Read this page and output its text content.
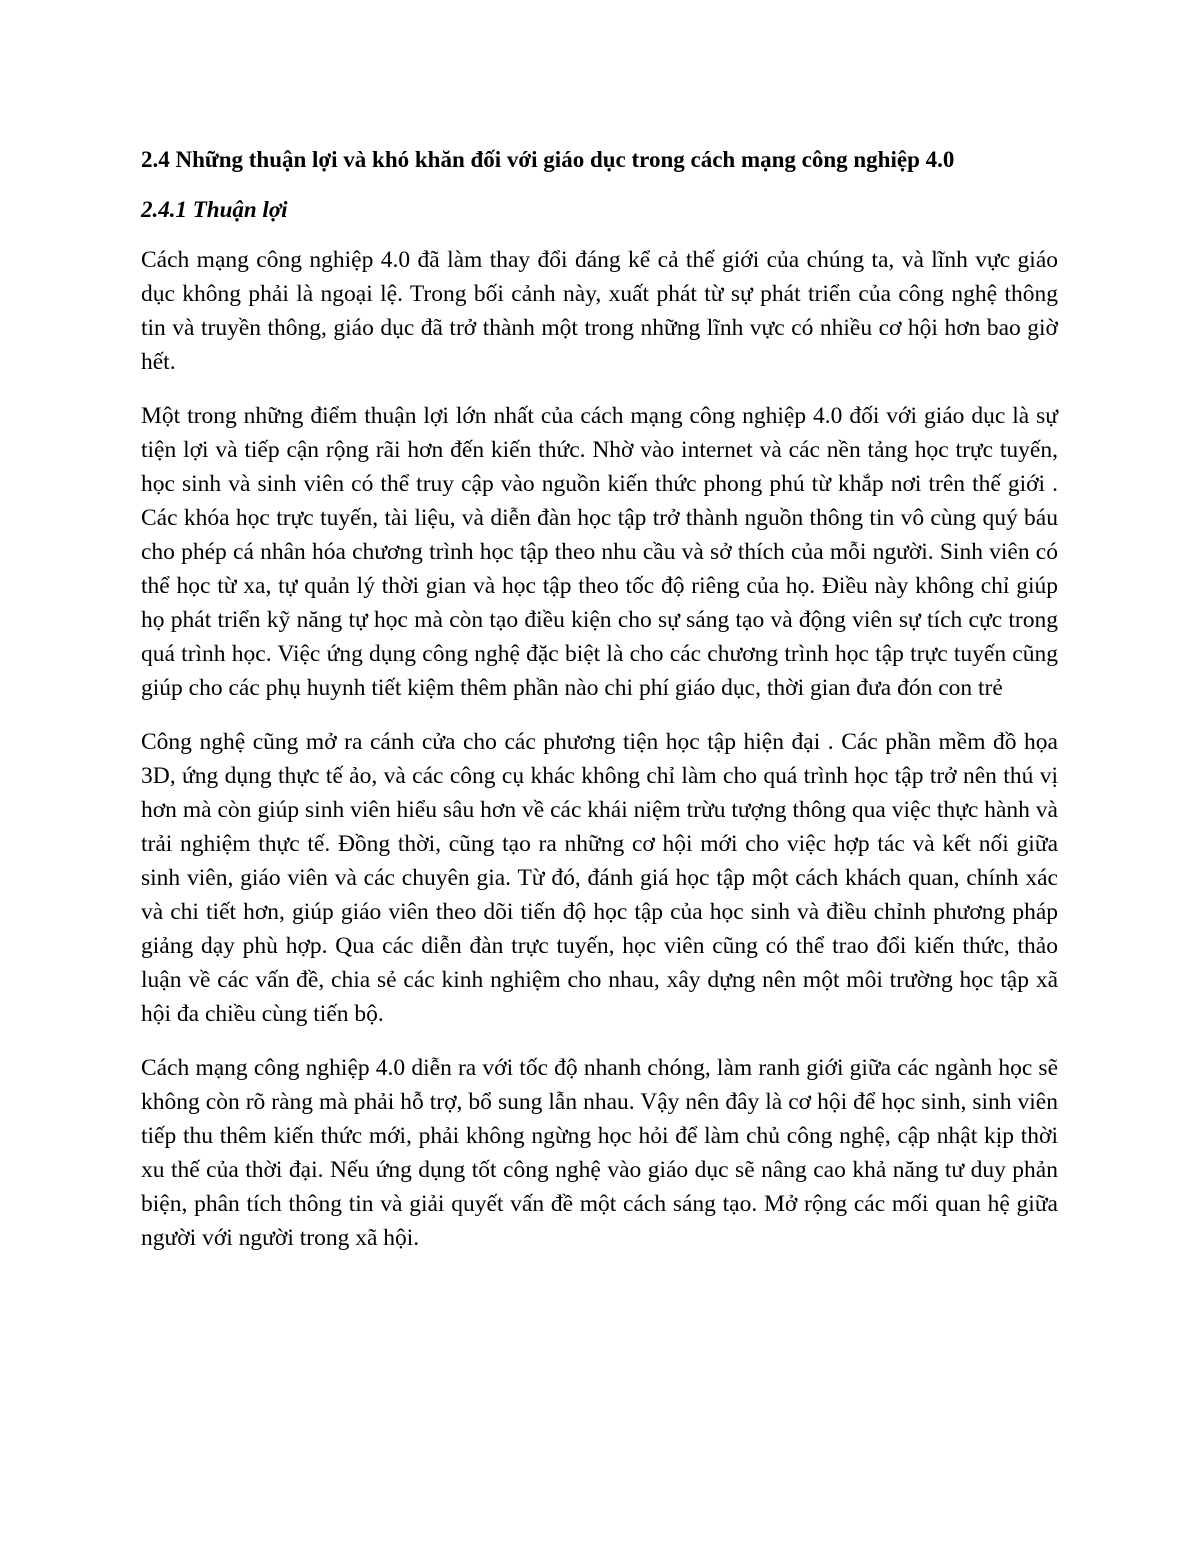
2.4 Những thuận lợi và khó khăn đối với giáo dục trong cách mạng công nghiệp 4.0
2.4.1 Thuận lợi

Cách mạng công nghiệp 4.0 đã làm thay đổi đáng kể cả thế giới của chúng ta, và lĩnh vực giáo dục không phải là ngoại lệ. Trong bối cảnh này, xuất phát từ sự phát triển của công nghệ thông tin và truyền thông, giáo dục đã trở thành một trong những lĩnh vực có nhiều cơ hội hơn bao giờ hết.

Một trong những điểm thuận lợi lớn nhất của cách mạng công nghiệp 4.0 đối với giáo dục là sự tiện lợi và tiếp cận rộng rãi hơn đến kiến thức. Nhờ vào internet và các nền tảng học trực tuyến, học sinh và sinh viên có thể truy cập vào nguồn kiến thức phong phú từ khắp nơi trên thế giới . Các khóa học trực tuyến, tài liệu, và diễn đàn học tập trở thành nguồn thông tin vô cùng quý báu cho phép cá nhân hóa chương trình học tập theo nhu cầu và sở thích của mỗi người. Sinh viên có thể học từ xa, tự quản lý thời gian và học tập theo tốc độ riêng của họ. Điều này không chỉ giúp họ phát triển kỹ năng tự học mà còn tạo điều kiện cho sự sáng tạo và động viên sự tích cực trong quá trình học. Việc ứng dụng công nghệ đặc biệt là cho các chương trình học tập trực tuyến cũng giúp cho các phụ huynh tiết kiệm thêm phần nào chi phí giáo dục, thời gian đưa đón con trẻ

Công nghệ cũng mở ra cánh cửa cho các phương tiện học tập hiện đại . Các phần mềm đồ họa 3D, ứng dụng thực tế ảo, và các công cụ khác không chỉ làm cho quá trình học tập trở nên thú vị hơn mà còn giúp sinh viên hiểu sâu hơn về các khái niệm trừu tượng thông qua việc thực hành và trải nghiệm thực tế. Đồng thời, cũng tạo ra những cơ hội mới cho việc hợp tác và kết nối giữa sinh viên, giáo viên và các chuyên gia. Từ đó, đánh giá học tập một cách khách quan, chính xác và chi tiết hơn, giúp giáo viên theo dõi tiến độ học tập của học sinh và điều chỉnh phương pháp giảng dạy phù hợp. Qua các diễn đàn trực tuyến, học viên cũng có thể trao đổi kiến thức, thảo luận về các vấn đề, chia sẻ các kinh nghiệm cho nhau, xây dựng nên một môi trường học tập xã hội đa chiều cùng tiến bộ.

Cách mạng công nghiệp 4.0 diễn ra với tốc độ nhanh chóng, làm ranh giới giữa các ngành học sẽ không còn rõ ràng mà phải hỗ trợ, bổ sung lẫn nhau. Vậy nên đây là cơ hội để học sinh, sinh viên tiếp thu thêm kiến thức mới, phải không ngừng học hỏi để làm chủ công nghệ, cập nhật kịp thời xu thế của thời đại. Nếu ứng dụng tốt công nghệ vào giáo dục sẽ nâng cao khả năng tư duy phản biện, phân tích thông tin và giải quyết vấn đề một cách sáng tạo. Mở rộng các mối quan hệ giữa người với người trong xã hội.
